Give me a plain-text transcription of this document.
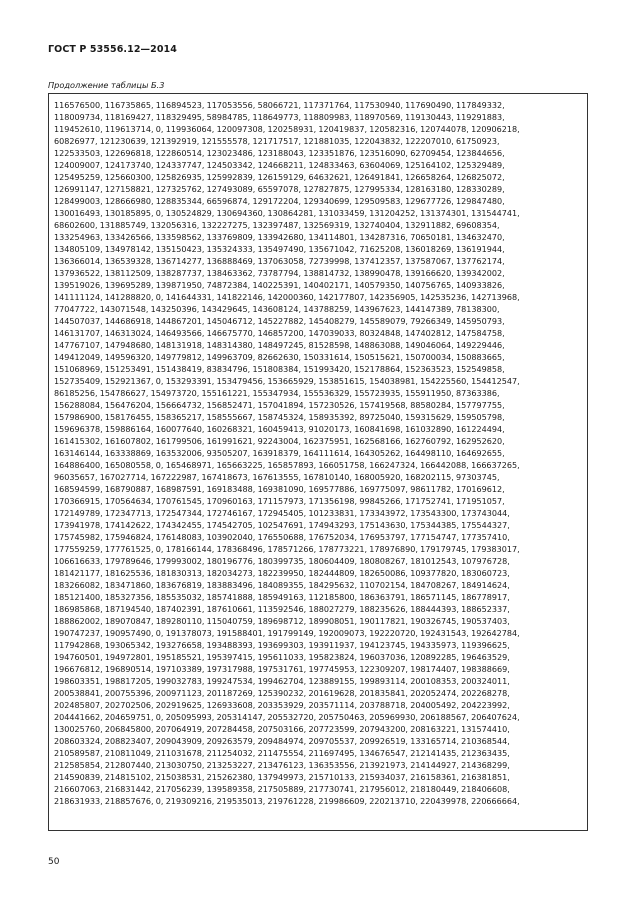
ГОСТ Р 53556.12—2014
Продолжение таблицы Б.3
116576500, 116735865, 116894523, 117053556, 58066721, 117371764, 117530940, 117690490, 117849332,
118009734, 118169427, 118329495, 58984785, 118649773, 118809983, 118970569, 119130443, 119291883,
119452610, 119613714, 0, 119936064, 120097308, 120258931, 120419837, 120582316, 120744078, 120906218,
60826977, 121230639, 121392919, 121555578, 121717517, 121881035, 122043832, 122207010, 61750923,
122533503, 122696818, 122860514, 123023486, 123188043, 123351876, 123516090, 62709454, 123844656,
124009007, 124173740, 124337747, 124503342, 124668211, 124833463, 63604069, 125164102, 125329489,
125495259, 125660300, 125826935, 125992839, 126159129, 64632621, 126491841, 126658264, 126825072,
126991147, 127158821, 127325762, 127493089, 65597078, 127827875, 127995334, 128163180, 128330289,
128499003, 128666980, 128835344, 66596874, 129172204, 129340699, 129509583, 129677726, 129847480,
130016493, 130185895, 0, 130524829, 130694360, 130864281, 131033459, 131204252, 131374301, 131544741,
68602600, 131885749, 132056316, 132227275, 132397487, 132569319, 132740404, 132911882, 69608354,
133254963, 133426566, 133598562, 133769809, 133942680, 134114801, 134287316, 70650181, 134632470,
134805109, 134978142, 135150423, 135324333, 135497490, 135671042, 71625208, 136018269, 136191944,
136366014, 136539328, 136714277, 136888469, 137063058, 72739998, 137412357, 137587067, 137762174,
137936522, 138112509, 138287737, 138463362, 73787794, 138814732, 138990478, 139166620, 139342002,
139519026, 139695289, 139871950, 74872384, 140225391, 140402171, 140579350, 140756765, 140933826,
141111124, 141288820, 0, 141644331, 141822146, 142000360, 142177807, 142356905, 142535236, 142713968,
77047722, 143071548, 143250396, 143429645, 143608124, 143788259, 143967623, 144147389, 78138300,
144507037, 144686918, 144867201, 145046712, 145227882, 145408279, 145589079, 79266349, 145950793,
146131707, 146313024, 146493566, 146675770, 146857200, 147039033, 80324848, 147402812, 147584758,
147767107, 147948680, 148131918, 148314380, 148497245, 81528598, 148863088, 149046064, 149229446,
149412049, 149596320, 149779812, 149963709, 82662630, 150331614, 150515621, 150700034, 150883665,
151068969, 151253491, 151438419, 83834796, 151808384, 151993420, 152178864, 152363523, 152549858,
152735409, 152921367, 0, 153293391, 153479456, 153665929, 153851615, 154038981, 154225560, 154412547,
86185256, 154786627, 154973720, 155161221, 155347934, 155536329, 155723935, 155911950, 87363386,
156288084, 156476204, 156664732, 156852471, 157041894, 157230526, 157419568, 88580284, 157797755,
157986900, 158176455, 158365217, 158555667, 158745324, 158935392, 89725040, 159315629, 159505798,
159696378, 159886164, 160077640, 160268321, 160459413, 91020173, 160841698, 161032890, 161224494,
161415302, 161607802, 161799506, 161991621, 92243004, 162375951, 162568166, 162760792, 162952620,
163146144, 163338869, 163532006, 93505207, 163918379, 164111614, 164305262, 164498110, 164692655,
164886400, 165080558, 0, 165468971, 165663225, 165857893, 166051758, 166247324, 166442088, 166637265,
96035657, 167027714, 167222987, 167418673, 167613555, 167810140, 168005920, 168202115, 97303745,
168594599, 168790887, 168987591, 169183488, 169381090, 169577886, 169775097, 98611782, 170169612,
170366915, 170564634, 170761545, 170960163, 171157973, 171356198, 99845266, 171752741, 171951057,
172149789, 172347713, 172547344, 172746167, 172945405, 101233831, 173343972, 173543300, 173743044,
173941978, 174142622, 174342455, 174542705, 102547691, 174943293, 175143630, 175344385, 175544327,
175745982, 175946824, 176148083, 103902040, 176550688, 176752034, 176953797, 177154747, 177357410,
177559259, 177761525, 0, 178166144, 178368496, 178571266, 178773221, 178976890, 179179745, 179383017,
106616633, 179789646, 179993002, 180196776, 180399735, 180604409, 180808267, 181012543, 107976728,
181421177, 181625536, 181830313, 182034273, 182239950, 182444809, 182650086, 109377820, 183060723,
183266082, 183471860, 183676819, 183883496, 184089355, 184295632, 110702154, 184708267, 184914624,
185121400, 185327356, 185535032, 185741888, 185949163, 112185800, 186363791, 186571145, 186778917,
186985868, 187194540, 187402391, 187610661, 113592546, 188027279, 188235626, 188444393, 188652337,
188862002, 189070847, 189280110, 115040759, 189698712, 189908051, 190117821, 190326745, 190537403,
190747237, 190957490, 0, 191378073, 191588401, 191799149, 192009073, 192220720, 192431543, 192642784,
117942868, 193065342, 193276658, 193488393, 193699303, 193911937, 194123745, 194335973, 119396625,
194760501, 194972801, 195185521, 195397415, 195611033, 195823824, 196037036, 120892285, 196463529,
196676812, 196890514, 197103389, 197317988, 197531761, 197745953, 122309207, 198174407, 198388669,
198603351, 198817205, 199032783, 199247534, 199462704, 123889155, 199893114, 200108353, 200324011,
200538841, 200755396, 200971123, 201187269, 125390232, 201619628, 201835841, 202052474, 202268278,
202485807, 202702506, 202919625, 126933608, 203353929, 203571114, 203788718, 204005492, 204223992,
204441662, 204659751, 0, 205095993, 205314147, 205532720, 205750463, 205969930, 206188567, 206407624,
130025760, 206845800, 207064919, 207284458, 207503166, 207723599, 207943200, 208163221, 131574410,
208603324, 208823407, 209043909, 209263579, 209484974, 209705537, 209926519, 133165714, 210368544,
210589587, 210811049, 211031678, 211254032, 211475554, 211697495, 134676547, 212141435, 212363435,
212585854, 212807440, 213030750, 213253227, 213476123, 136353556, 213921973, 214144927, 214368299,
214590839, 214815102, 215038531, 215262380, 137949973, 215710133, 215934037, 216158361, 216381851,
216607063, 216831442, 217056239, 139589358, 217505889, 217730741, 217956012, 218180449, 218406608,
218631933, 218857676, 0, 219309216, 219535013, 219761228, 219986609, 220213710, 220439978, 220666664,
50
